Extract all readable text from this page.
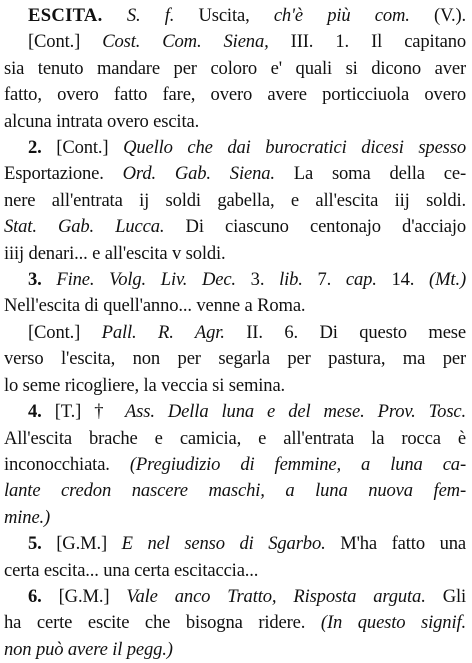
ESCITA. S. f. Uscita, ch'è più com. (V.).
[Cont.] Cost. Com. Siena, III. 1. Il capitano
sia tenuto mandare per coloro e' quali si dicono aver
fatto, overo fatto fare, overo avere porticciuola overo
alcuna intrata overo escita.
2. [Cont.] Quello che dai burocratici dicesi spesso
Esportazione. Ord. Gab. Siena. La soma della ce-
nere all'entrata ij soldi gabella, e all'escita iij soldi.
Stat. Gab. Lucca. Di ciascuno centonajo d'acciajo
iiij denari... e all'escita v soldi.
3. Fine. Volg. Liv. Dec. 3. lib. 7. cap. 14. (Mt.)
Nell'escita di quell'anno... venne a Roma.
[Cont.] Pall. R. Agr. II. 6. Di questo mese
verso l'escita, non per segarla per pastura, ma per
lo seme ricogliere, la veccia si semina.
4. [T.] † Ass. Della luna e del mese. Prov. Tosc.
All'escita brache e camicia, e all'entrata la rocca è
inconocchiata. (Pregiudizio di femmine, a luna ca-
lante credon nascere maschi, a luna nuova fem-
mine.)
5. [G.M.] E nel senso di Sgarbo. M'ha fatto una
certa escita... una certa escitaccia...
6. [G.M.] Vale anco Tratto, Risposta arguta. Gli
ha certe escite che bisogna ridere. (In questo signif.
non può avere il pegg.)
